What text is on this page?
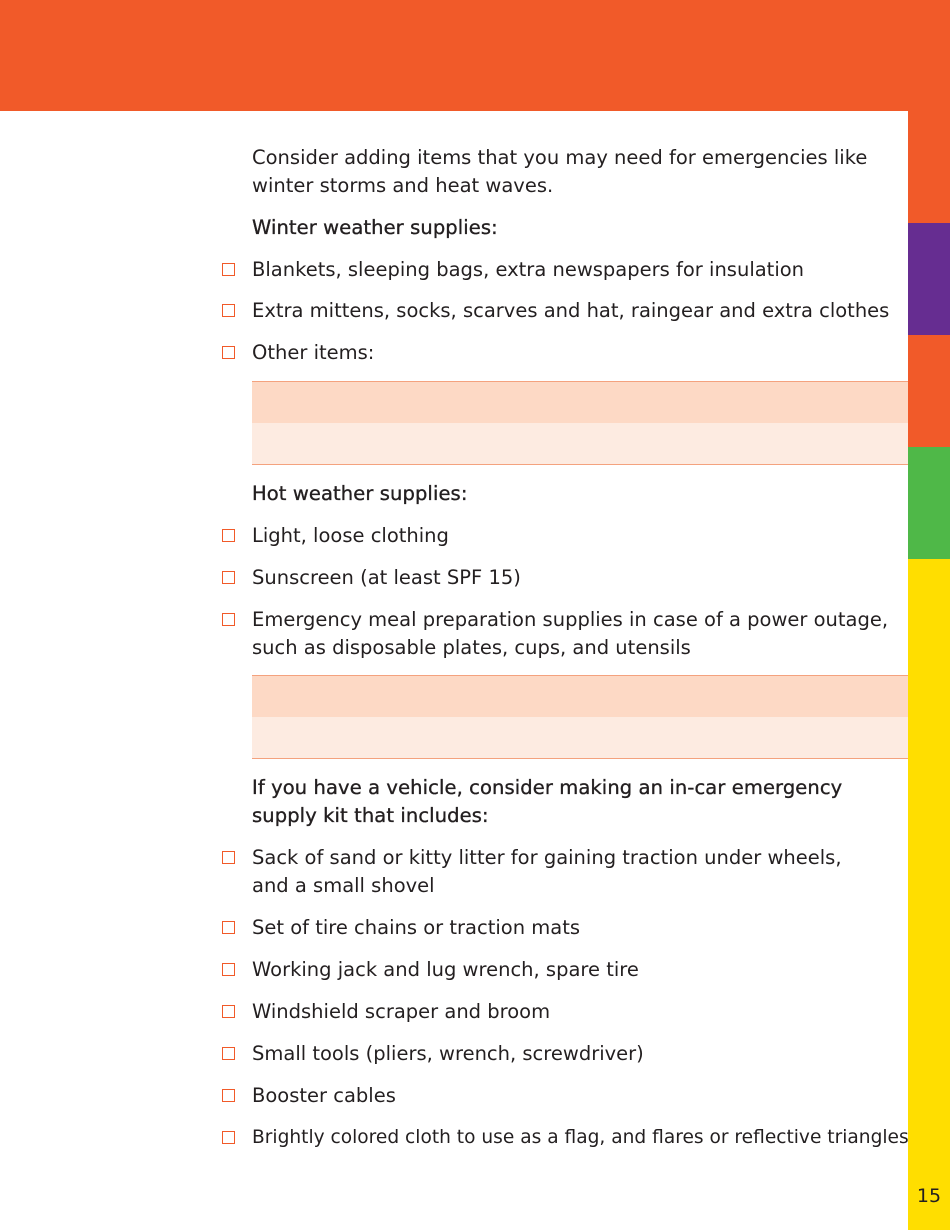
15

Consider adding items that you may need for emergencies like

winter storms and heat waves.

Winter weather supplies:

Blankets, sleeping bags, extra newspapers for insulation
Extra mittens, socks, scarves and hat, raingear and extra clothes
Other items:

Hot weather supplies:

Light, loose clothing
Sunscreen (at least SPF 15)
Emergency meal preparation supplies in case of a power outage,
such as disposable plates, cups, and utensils

If you have a vehicle, consider making an in-car emergency

supply kit that includes:

Sack of sand or kitty litter for gaining traction under wheels,
and a small shovel
Set of tire chains or traction mats
Working jack and lug wrench, spare tire
Windshield scraper and broom
Small tools (pliers, wrench, screwdriver)
Booster cables
Brightly colored cloth to use as a flag, and flares or reflective triangles
